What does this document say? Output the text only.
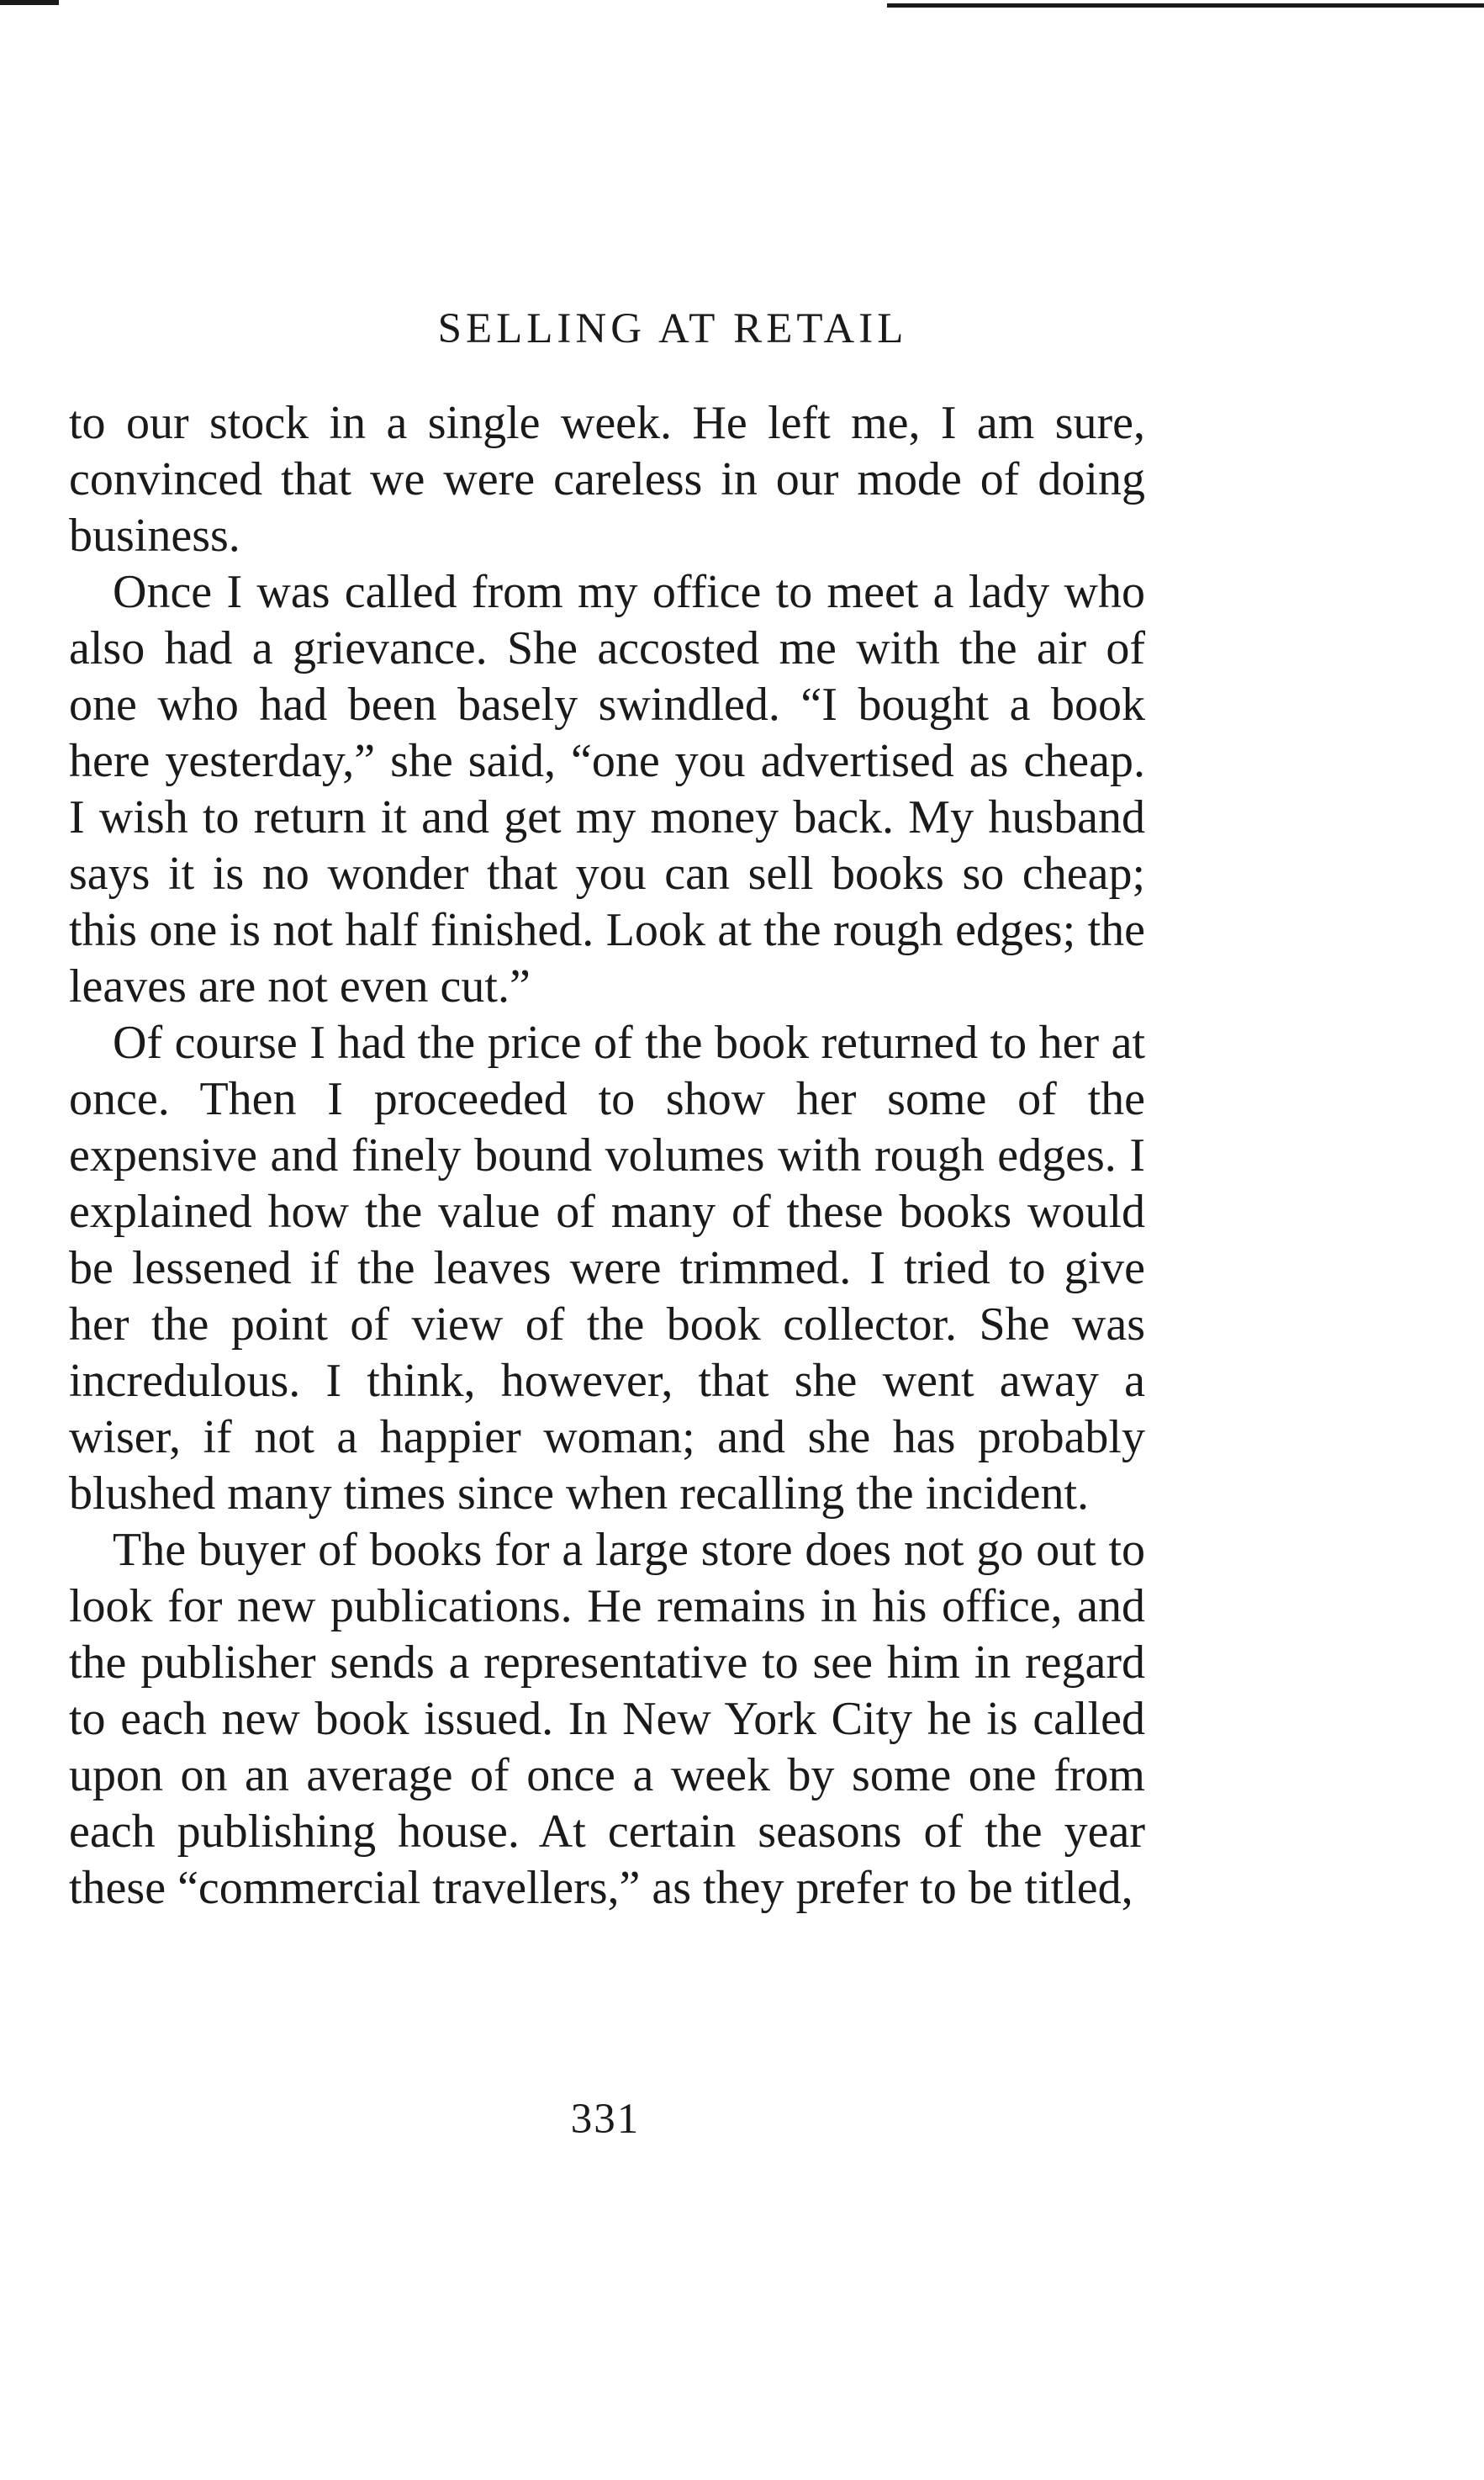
SELLING AT RETAIL

to our stock in a single week. He left me, I am sure, convinced that we were careless in our mode of doing business.

Once I was called from my office to meet a lady who also had a grievance. She accosted me with the air of one who had been basely swindled. “I bought a book here yesterday,” she said, “one you advertised as cheap. I wish to return it and get my money back. My husband says it is no wonder that you can sell books so cheap; this one is not half finished. Look at the rough edges; the leaves are not even cut.”

Of course I had the price of the book returned to her at once. Then I proceeded to show her some of the expensive and finely bound volumes with rough edges. I explained how the value of many of these books would be lessened if the leaves were trimmed. I tried to give her the point of view of the book collector. She was incredulous. I think, however, that she went away a wiser, if not a happier woman; and she has probably blushed many times since when recalling the incident.

The buyer of books for a large store does not go out to look for new publications. He remains in his office, and the publisher sends a representative to see him in regard to each new book issued. In New York City he is called upon on an average of once a week by some one from each publishing house. At certain seasons of the year these “commercial travellers,” as they prefer to be titled,

331
